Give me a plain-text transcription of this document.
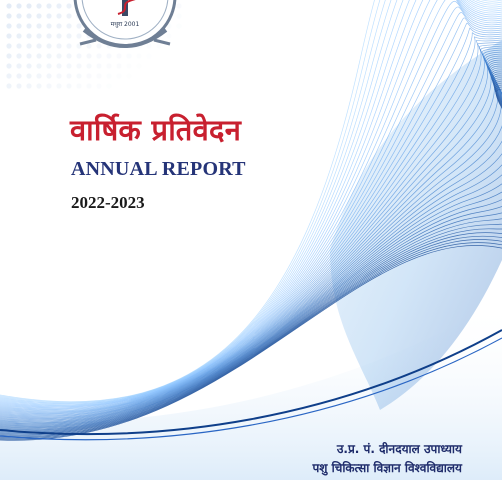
मथुरा 2001
वार्षिक प्रतिवेदन
ANNUAL REPORT
2022-2023
उ.प्र. पं. दीनदयाल उपाध्याय
पशु चिकित्सा विज्ञान विश्वविद्यालय
